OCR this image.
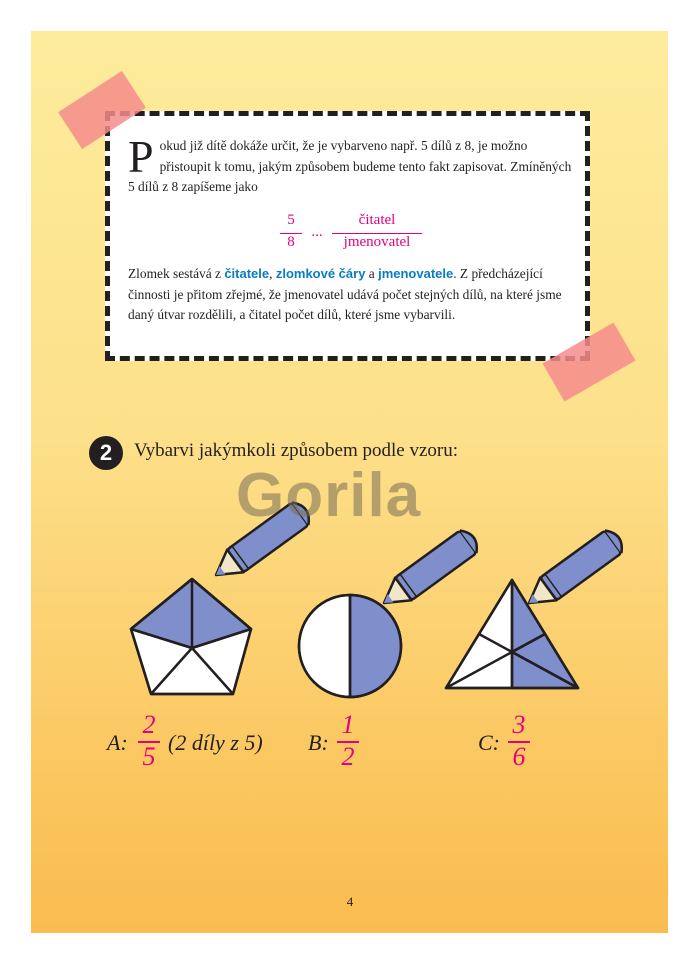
Pokud již dítě dokáže určit, že je vybarveno např. 5 dílů z 8, je možno přistoupit k tomu, jakým způsobem budeme tento fakt zapisovat. Zmíněných 5 dílů z 8 zapíšeme jako
5
8
...
čitatel
jmenovatel
Zlomek sestává z čitatele, zlomkové čáry a jmenovatele. Z předcházející činnosti je přitom zřejmé, že jmenovatel udává počet stejných dílů, na které jsme daný útvar rozdělili, a čitatel počet dílů, které jsme vybarvili.
2	Vybarvi jakýmkoli způsobem podle vzoru:
Gorila
A:
2
5 (2 díly z 5) B:
1
2	C:
3
6
4
